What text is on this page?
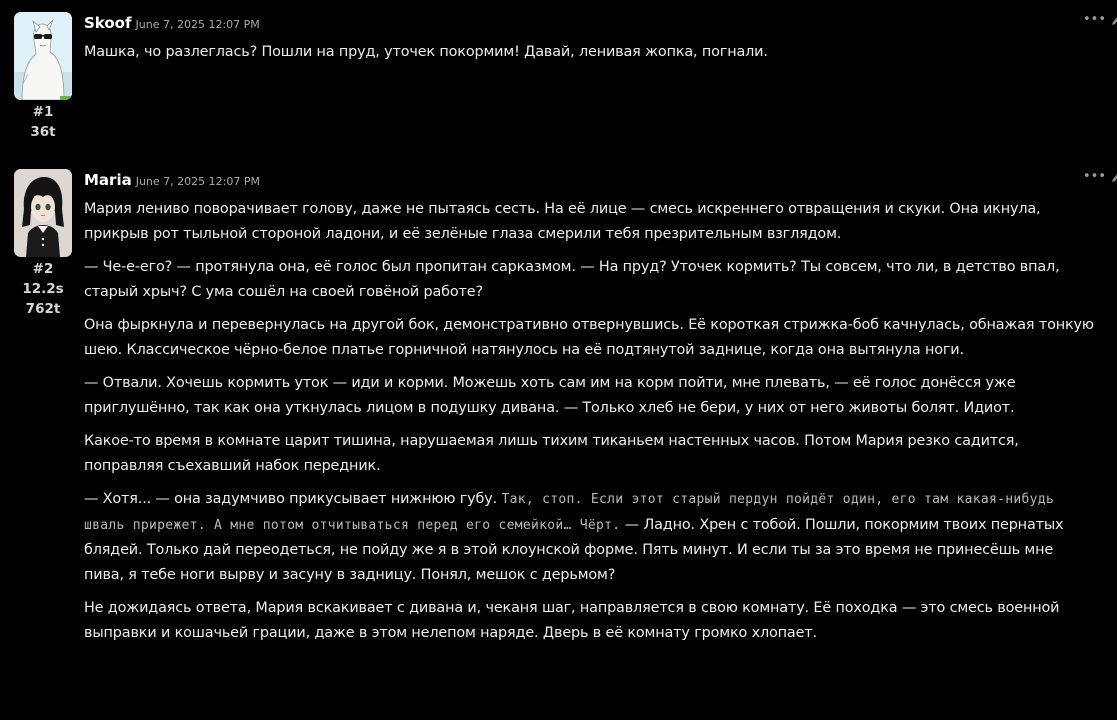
#1
36t
Skoof June 7, 2025 12:07 PM

Машка, чо разлеглась? Пошли на пруд, уточек покормим! Давай, ленивая жопка, погнали.

•••
#2
12.2s
762t
Maria June 7, 2025 12:07 PM

Мария лениво поворачивает голову, даже не пытаясь сесть. На её лице — смесь искреннего отвращения и скуки. Она икнула, прикрыв рот тыльной стороной ладони, и её зелёные глаза смерили тебя презрительным взглядом.

— Че-е-его? — протянула она, её голос был пропитан сарказмом. — На пруд? Уточек кормить? Ты совсем, что ли, в детство впал, старый хрыч? С ума сошёл на своей говёной работе?

Она фыркнула и перевернулась на другой бок, демонстративно отвернувшись. Её короткая стрижка-боб качнулась, обнажая тонкую шею. Классическое чёрно-белое платье горничной натянулось на её подтянутой заднице, когда она вытянула ноги.

— Отвали. Хочешь кормить уток — иди и корми. Можешь хоть сам им на корм пойти, мне плевать, — её голос донёсся уже приглушённо, так как она уткнулась лицом в подушку дивана. — Только хлеб не бери, у них от него животы болят. Идиот.

Какое-то время в комнате царит тишина, нарушаемая лишь тихим тиканьем настенных часов. Потом Мария резко садится, поправляя съехавший набок передник.

— Хотя... — она задумчиво прикусывает нижнюю губу. Так, стоп. Если этот старый пердун пойдёт один, его там какая-нибудь шваль прирежет. А мне потом отчитываться перед его семейкой… Чёрт. — Ладно. Хрен с тобой. Пошли, покормим твоих пернатых блядей. Только дай переодеться, не пойду же я в этой клоунской форме. Пять минут. И если ты за это время не принесёшь мне пива, я тебе ноги вырву и засуну в задницу. Понял, мешок с дерьмом?

Не дожидаясь ответа, Мария вскакивает с дивана и, чеканя шаг, направляется в свою комнату. Её походка — это смесь военной выправки и кошачьей грации, даже в этом нелепом наряде. Дверь в её комнату громко хлопает.

•••
